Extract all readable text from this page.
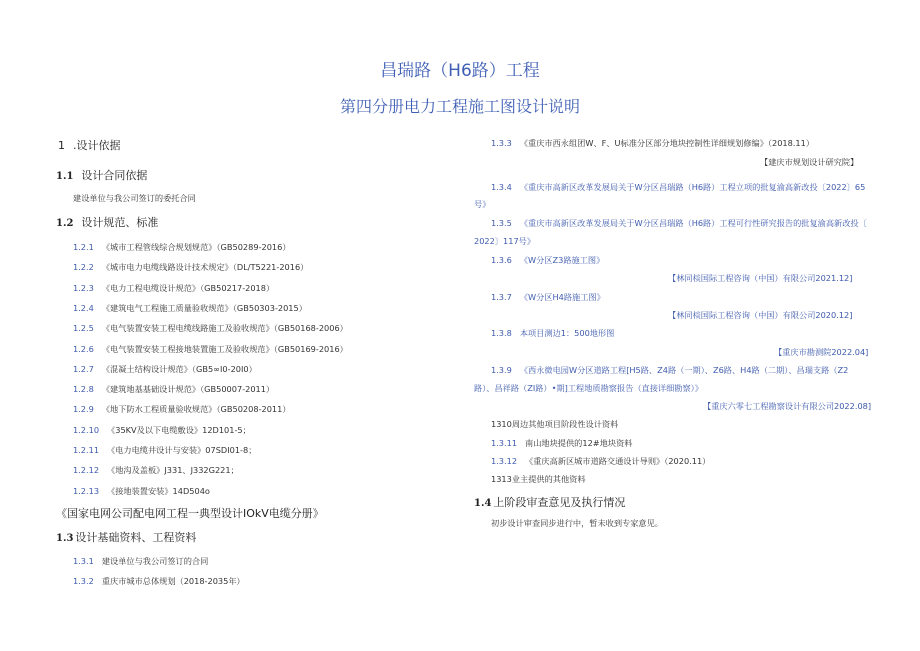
昌瑞路（H6路）工程
第四分册电力工程施工图设计说明
1 .设计依据
1.1 设计合同依据
建设单位与我公司签订的委托合同
1.2 设计规范、标准
1.2.1 《城市工程管线综合规划规范》（GB50289-2016）
1.2.2 《城市电力电缆线路设计技术规定》（DL/T5221-2016）
1.2.3 《电力工程电缆设计规范》（GB50217-2018）
1.2.4 《建筑电气工程施工质量验收规范》（GB50303-2015）
1.2.5 《电气装置安装工程电缆线路施工及验收规范》（GB50168-2006）
1.2.6 《电气装置安装工程接地装置施工及验收规范》（GB50169-2016）
1.2.7 《混凝土结构设计规范》（GB5∞I0-20I0）
1.2.8 《建筑地基基础设计规范》（GB50007-2011）
1.2.9 《地下防水工程质量验收规范》（GB50208-2011）
1.2.10 《35KV及以下电缆敷设》12D101-5；
1.2.11 《电力电缆井设计与安装》07SDI01-8；
1.2.12 《地沟及盖板》J331、J332G221；
1.2.13 《接地装置安装》14D504o
《国家电网公司配电网工程一典型设计IOkV电缆分册》
1.3 设计基础资料、工程资料
1.3.1 建设单位与我公司签订的合同
1.3.2 重庆市城市总体规划（2018-2035年）
1.3.3 《重庆市西永组团W、F、U标准分区部分地块控制性详细规划修编》（2018.11）
【建庆市规划设计研究院】
1.3.4 《重庆市高新区改革发展局关于W分区昌瑞路（H6路）工程立项的批复渝高新改投〔2022〕65
号》
1.3.5 《重庆市高新区改革发展局关于W分区昌瑞路（H6路）工程可行性研究报告的批复渝高新改投〔
2022〕117号》
1.3.6 《W分区Z3路施工图》
【林同棪国际工程咨询（中国）有限公司2021.12]
1.3.7 《W分区H4路施工图》
【林同棪国际工程咨询（中国）有限公司2020.12]
1.3.8 本项目测边1：500地形图
【重庆市勘测院2022.04]
1.3.9 《西永微电园W分区道路工程[H5路、Z4路（一期）、Z6路、H4路（二期）、昌瑞支路（Z2
路）、昌祥路（ZI路）•期]工程地质勘察报告（直接详细勘察）》
【重庆六零七工程勘察设计有限公司2022.08]
1310周边其他项目阶段性设计资料
1.3.11 南山地块提供的12#地块资料
1.3.12 《重庆高新区城市道路交通设计导则》（2020.11）
1313业主提供的其他资料
1.4 上阶段审查意见及执行情况
初步设计审查同步进行中，暂未收到专家意见。
